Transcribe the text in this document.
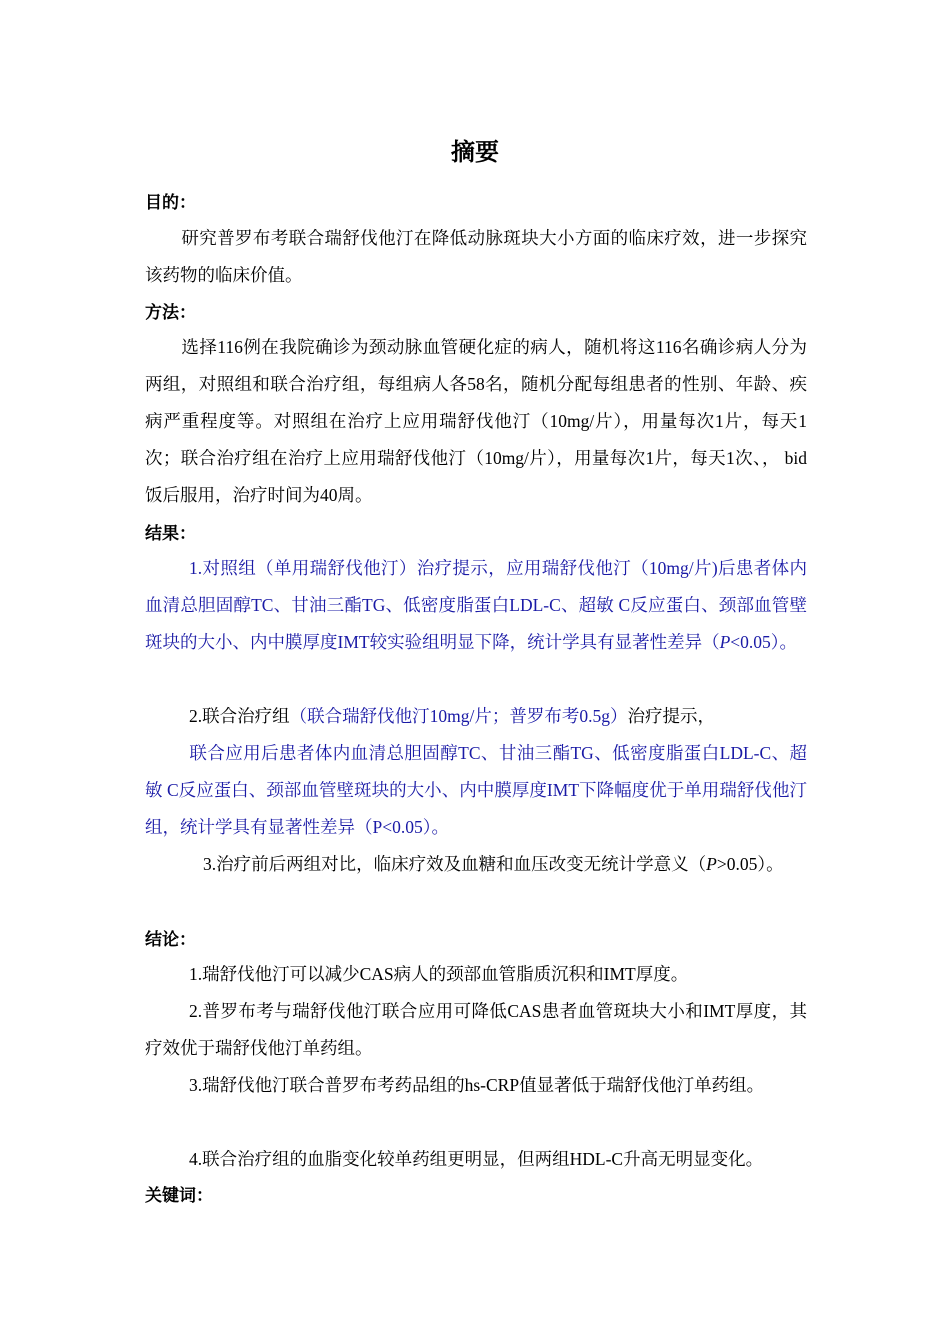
摘要
目的：
研究普罗布考联合瑞舒伐他汀在降低动脉斑块大小方面的临床疗效，进一步探究该药物的临床价值。
方法：
选择116例在我院确诊为颈动脉血管硬化症的病人，随机将这116名确诊病人分为两组，对照组和联合治疗组，每组病人各58名，随机分配每组患者的性别、年龄、疾病严重程度等。对照组在治疗上应用瑞舒伐他汀（10mg/片），用量每次1片，每天1次；联合治疗组在治疗上应用瑞舒伐他汀（10mg/片），用量每次1片，每天1次、， bid饭后服用，治疗时间为40周。
结果：
1.对照组（单用瑞舒伐他汀）治疗提示，应用瑞舒伐他汀（10mg/片)后患者体内血清总胆固醇TC、甘油三酯TG、低密度脂蛋白LDL-C、超敏 C反应蛋白、颈部血管壁斑块的大小、内中膜厚度IMT较实验组明显下降，统计学具有显著性差异（P<0.05）。
2.联合治疗组（联合瑞舒伐他汀10mg/片；普罗布考0.5g）治疗提示，
联合应用后患者体内血清总胆固醇TC、甘油三酯TG、低密度脂蛋白LDL-C、超敏 C反应蛋白、颈部血管壁斑块的大小、内中膜厚度IMT下降幅度优于单用瑞舒伐他汀组，统计学具有显著性差异（P<0.05）。
3.治疗前后两组对比，临床疗效及血糖和血压改变无统计学意义（P>0.05）。
结论：
1.瑞舒伐他汀可以减少CAS病人的颈部血管脂质沉积和IMT厚度。
2.普罗布考与瑞舒伐他汀联合应用可降低CAS患者血管斑块大小和IMT厚度，其疗效优于瑞舒伐他汀单药组。
3.瑞舒伐他汀联合普罗布考药品组的hs-CRP值显著低于瑞舒伐他汀单药组。
4.联合治疗组的血脂变化较单药组更明显，但两组HDL-C升高无明显变化。
关键词：
